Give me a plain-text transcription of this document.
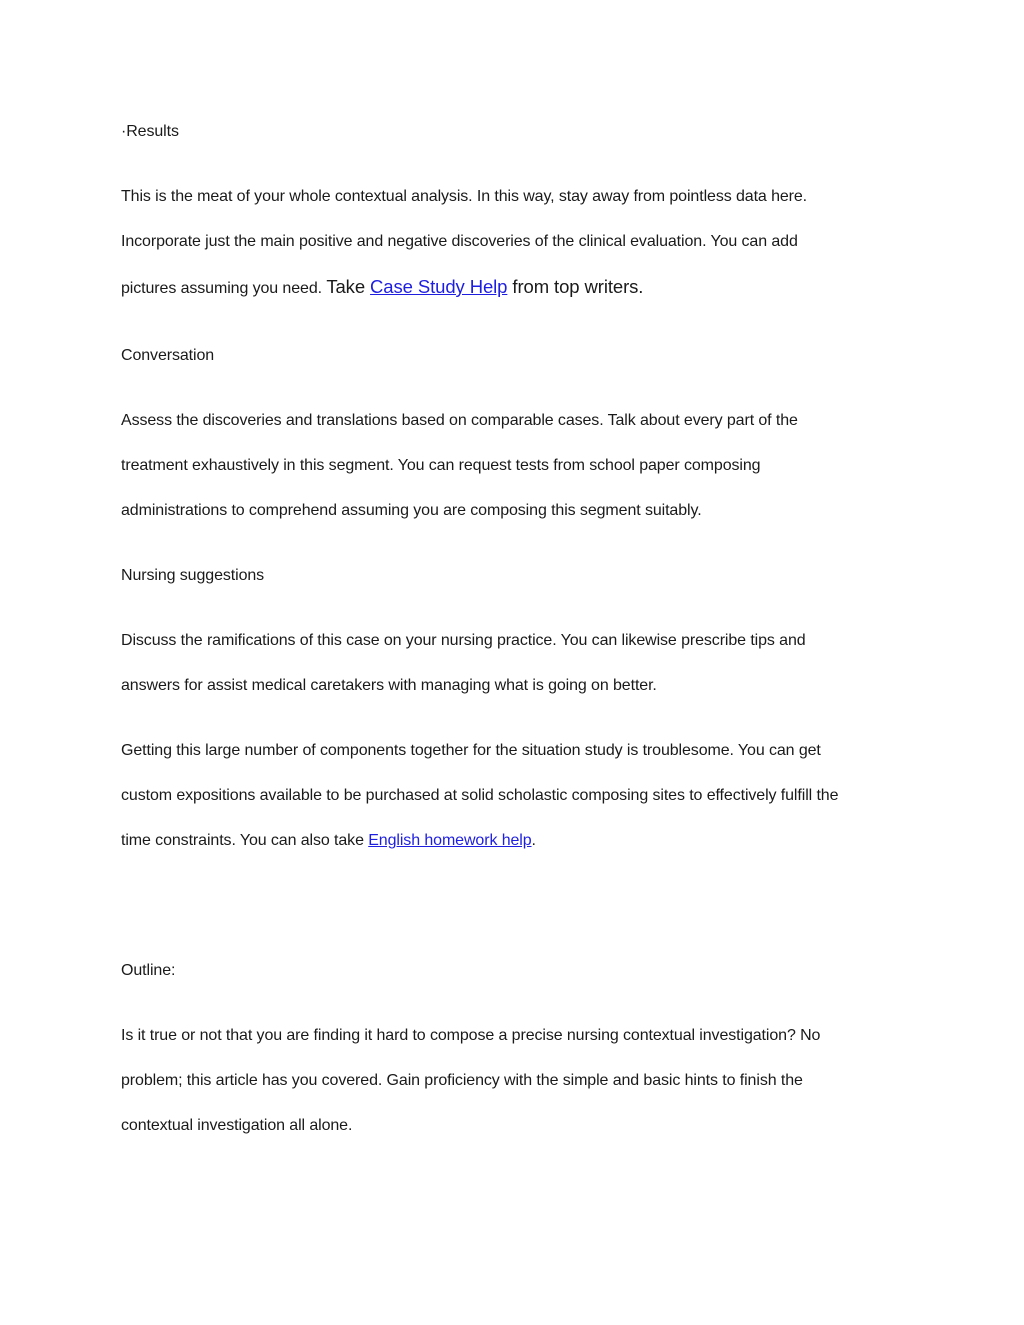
·Results
This is the meat of your whole contextual analysis. In this way, stay away from pointless data here.
Incorporate just the main positive and negative discoveries of the clinical evaluation. You can add
pictures assuming you need. Take Case Study Help from top writers.
Conversation
Assess the discoveries and translations based on comparable cases. Talk about every part of the
treatment exhaustively in this segment. You can request tests from school paper composing
administrations to comprehend assuming you are composing this segment suitably.
Nursing suggestions
Discuss the ramifications of this case on your nursing practice. You can likewise prescribe tips and
answers for assist medical caretakers with managing what is going on better.
Getting this large number of components together for the situation study is troublesome. You can get
custom expositions available to be purchased at solid scholastic composing sites to effectively fulfill the
time constraints. You can also take English homework help.
Outline:
Is it true or not that you are finding it hard to compose a precise nursing contextual investigation? No
problem; this article has you covered. Gain proficiency with the simple and basic hints to finish the
contextual investigation all alone.
